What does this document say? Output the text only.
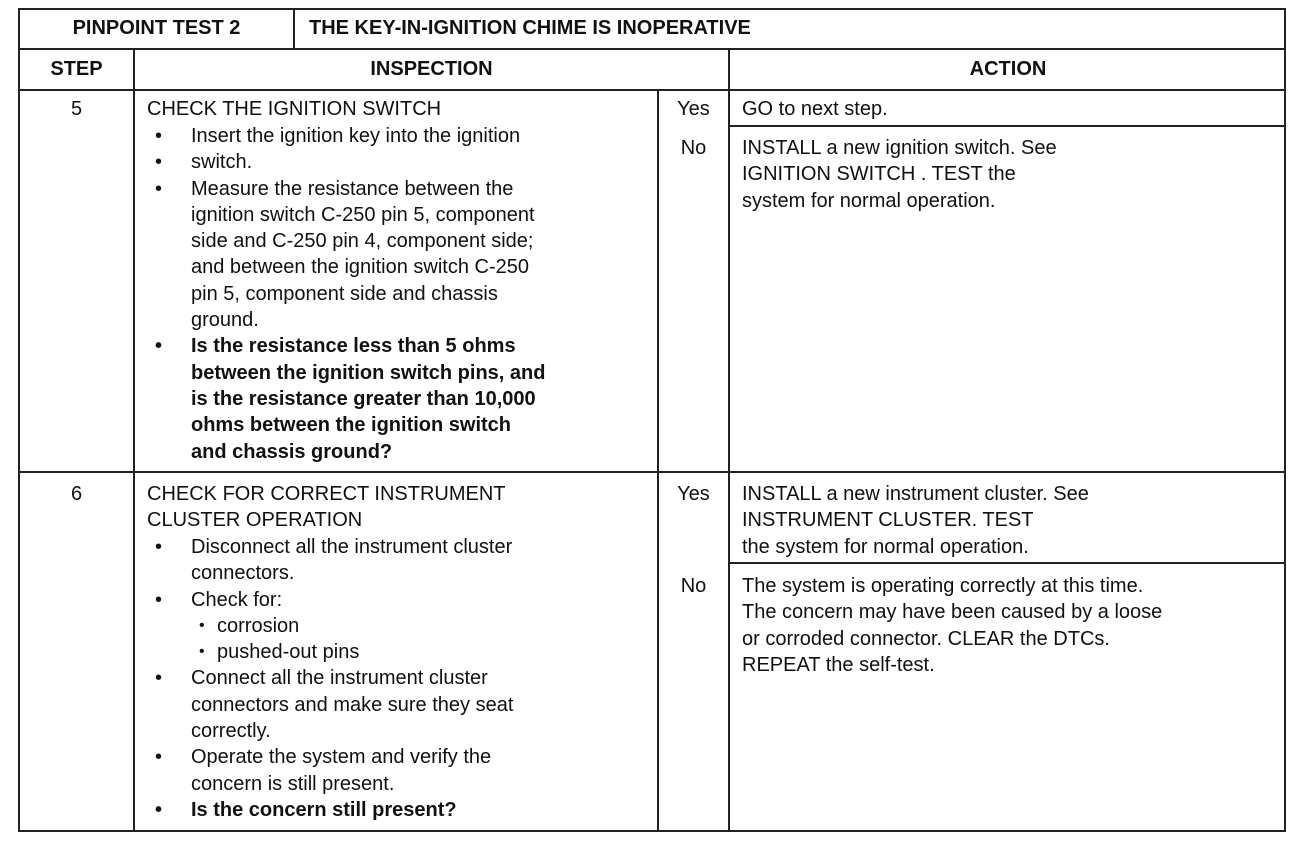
PINPOINT TEST 2	THE KEY-IN-IGNITION CHIME IS INOPERATIVE
STEP	INSPECTION	ACTION
5	CHECK THE IGNITION SWITCH
• Insert the ignition key into the ignition
• switch.
• Measure the resistance between the
ignition switch C-250 pin 5, component
side and C-250 pin 4, component side;
and between the ignition switch C-250
pin 5, component side and chassis
ground.
• Is the resistance less than 5 ohms
between the ignition switch pins, and
is the resistance greater than 10,000
ohms between the ignition switch
and chassis ground?
Yes	GO to next step.
No	INSTALL a new ignition switch. See
IGNITION SWITCH . TEST the
system for normal operation.
6	CHECK FOR CORRECT INSTRUMENT
CLUSTER OPERATION
• Disconnect all the instrument cluster
connectors.
• Check for:
• corrosion
• pushed-out pins
• Connect all the instrument cluster
connectors and make sure they seat
correctly.
• Operate the system and verify the
concern is still present.
• Is the concern still present?
Yes	INSTALL a new instrument cluster. See
INSTRUMENT CLUSTER. TEST
the system for normal operation.
No	The system is operating correctly at this time.
The concern may have been caused by a loose
or corroded connector. CLEAR the DTCs.
REPEAT the self-test.
